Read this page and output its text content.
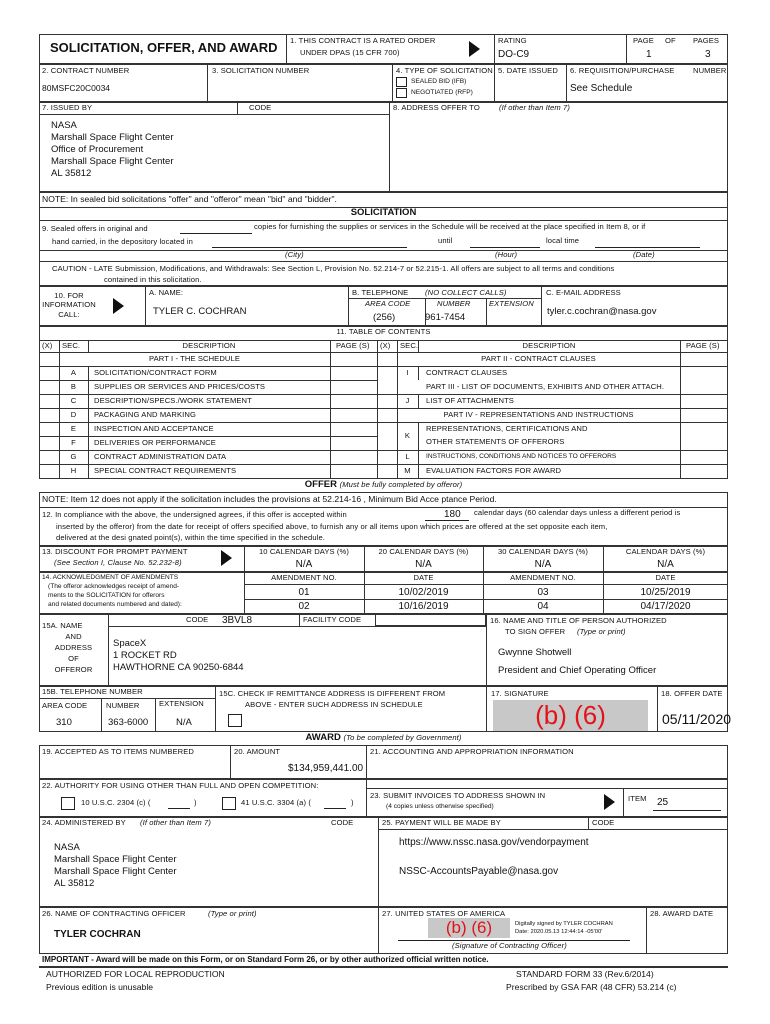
SOLICITATION, OFFER, AND AWARD 1. THIS CONTRACT IS A RATED ORDER
UNDER DPAS (15 CFR 700)
RATING
DO-C9
PAGE OF PAGES
1	3
2. CONTRACT NUMBER
80MSFC20C0034
3. SOLICITATION NUMBER	4. TYPE OF SOLICITATION
SEALED BID (IFB)
NEGOTIATED (RFP)
5. DATE ISSUED 6. REQUISITION/PURCHASE NUMBER
See Schedule
7. ISSUED BY	CODE	8. ADDRESS OFFER TO	(If other than Item 7)
NASA
Marshall Space Flight Center
Office of Procurement
Marshall Space Flight Center
AL 35812
NOTE: In sealed bid solicitations "offer" and "offeror" mean "bid" and "bidder".
SOLICITATION
9. Sealed offers in original and	copies for furnishing the supplies or services in the Schedule will be received at the place specified in Item 8, or if
hand carried, in the depository located in	until	local time
(City)	(Hour)	(Date)
CAUTION - LATE Submission, Modifications, and Withdrawals: See Section L, Provision No. 52.214-7 or 52.215-1. All offers are subject to all terms and conditions
contained in this solicitation.
10. FOR
INFORMATION
CALL:
A. NAME:
TYLER C. COCHRAN
B. TELEPHONE (NO COLLECT CALLS)
AREA CODE	NUMBER EXTENSION
(256)	961-7454
C. E-MAIL ADDRESS
tyler.c.cochran@nasa.gov
11. TABLE OF CONTENTS
(X) SEC.	DESCRIPTION	PAGE (S) (X) SEC.	DESCRIPTION	PAGE (S)
PART I - THE SCHEDULE	PART II - CONTRACT CLAUSES
PART III - LIST OF DOCUMENTS, EXHIBITS AND OTHER ATTACH.
PART IV - REPRESENTATIONS AND INSTRUCTIONS
A	SOLICITATION/CONTRACT FORM
B	SUPPLIES OR SERVICES AND PRICES/COSTS
C	DESCRIPTION/SPECS./WORK STATEMENT
D	PACKAGING AND MARKING
E	INSPECTION AND ACCEPTANCE
F	DELIVERIES OR PERFORMANCE
G	CONTRACT ADMINISTRATION DATA
H	SPECIAL CONTRACT REQUIREMENTS
I	CONTRACT CLAUSES
J	LIST OF ATTACHMENTS
K
REPRESENTATIONS, CERTIFICATIONS AND
OTHER STATEMENTS OF OFFERORS
L	INSTRUCTIONS, CONDITIONS AND NOTICES TO OFFERORS
M	EVALUATION FACTORS FOR AWARD
OFFER (Must be fully completed by offeror)
NOTE: Item 12 does not apply if the solicitation includes the provisions at 52.214-16 , Minimum Bid Acce ptance Period.
12. In compliance with the above, the undersigned agrees, if this offer is accepted within	180 calendar days (60 calendar days unless a different period is
inserted by the offeror) from the date for receipt of offers specified above, to furnish any or all items upon which prices are offered at the set opposite each item,
delivered at the desi gnated point(s), within the time specified in the schedule.
13. DISCOUNT FOR PROMPT PAYMENT
(See Section I, Clause No. 52.232-8)
10 CALENDAR DAYS (%)	20 CALENDAR DAYS (%)	30 CALENDAR DAYS (%)	CALENDAR DAYS (%)
N/A	N/A	N/A	N/A
14. ACKNOWLEDGMENT OF AMENDMENTS
(The offeror acknowledges receipt of amend-
ments to the SOLICITATION for offerors
and related documents numbered and dated):
AMENDMENT NO.	DATE	AMENDMENT NO.	DATE
01	10/02/2019
02	10/16/2019
03	10/25/2019
04	04/17/2020
15A. NAME
AND
ADDRESS
OF
OFFEROR
CODE 3BVL8	FACILITY CODE
SpaceX
1 ROCKET RD
HAWTHORNE CA 90250-6844
16. NAME AND TITLE OF PERSON AUTHORIZED
TO SIGN OFFER (Type or print)
Gwynne Shotwell
President and Chief Operating Officer
15B. TELEPHONE NUMBER
AREA CODE NUMBER	EXTENSION
310	363-6000	N/A
15C. CHECK IF REMITTANCE ADDRESS IS DIFFERENT FROM
ABOVE - ENTER SUCH ADDRESS IN SCHEDULE
17. SIGNATURE
(b) (6)
18. OFFER DATE
05/11/2020
AWARD (To be completed by Government)
19. ACCEPTED AS TO ITEMS NUMBERED	20. AMOUNT
$134,959,441.00
21. ACCOUNTING AND APPROPRIATION INFORMATION
22. AUTHORITY FOR USING OTHER THAN FULL AND OPEN COMPETITION:
10 U.S.C. 2304 (c) (	)	41 U.S.C. 3304 (a) (	)
23. SUBMIT INVOICES TO ADDRESS SHOWN IN
(4 copies unless otherwise specified)
ITEM 25
24. ADMINISTERED BY (If other than Item 7)	CODE
NASA
Marshall Space Flight Center
Marshall Space Flight Center
AL 35812
25. PAYMENT WILL BE MADE BY	CODE
https://www.nssc.nasa.gov/vendorpayment
NSSC-AccountsPayable@nasa.gov
26. NAME OF CONTRACTING OFFICER	(Type or print)
TYLER COCHRAN
27. UNITED STATES OF AMERICA
(b) (6)	Digitally signed by TYLER COCHRAN
Date: 2020.05.13 12:44:14 -05'00'
(Signature of Contracting Officer)
28. AWARD DATE
IMPORTANT - Award will be made on this Form, or on Standard Form 26, or by other authorized official written notice.
AUTHORIZED FOR LOCAL REPRODUCTION
Previous edition is unusable
STANDARD FORM 33 (Rev.6/2014)
Prescribed by GSA FAR (48 CFR) 53.214 (c)
